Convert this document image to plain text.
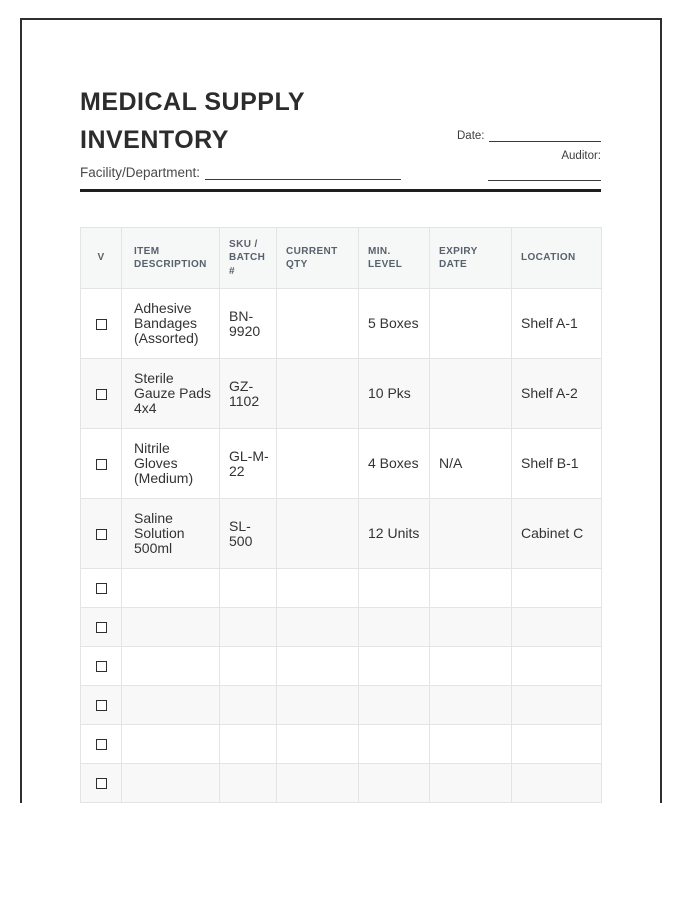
MEDICAL SUPPLY INVENTORY	Date:
Auditor:
Facility/Department:
V	ITEM DESCRIPTION	SKU / BATCH #	CURRENT QTY	MIN. LEVEL	EXPIRY DATE	LOCATION
	Adhesive Bandages (Assorted)	BN-9920		5 Boxes		Shelf A-1
	Sterile Gauze Pads 4x4	GZ-1102		10 Pks		Shelf A-2
	Nitrile Gloves (Medium)	GL-M-22		4 Boxes	N/A	Shelf B-1
	Saline Solution 500ml	SL-500		12 Units		Cabinet C
